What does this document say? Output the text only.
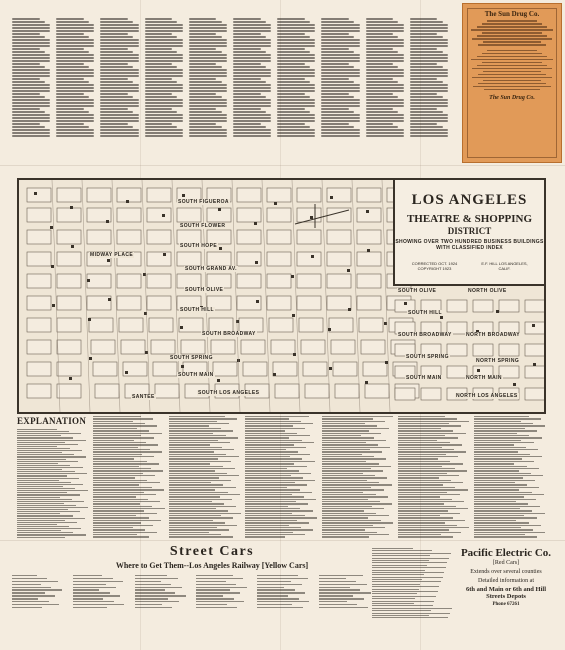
The Sun Drug Co.
The Sun Drug Co.
SOUTH FIGUEROA
SOUTH FLOWER
SOUTH HOPE
SOUTH GRAND AV.
SOUTH OLIVE
SOUTH HILL
SOUTH BROADWAY
SOUTH SPRING
SOUTH MAIN
SOUTH LOS ANGELES
SANTEE
MIDWAY PLACE
SOUTH OLIVE	NORTH OLIVE
SOUTH HILL
SOUTH BROADWAY	NORTH BROADWAY
SOUTH SPRING
NORTH SPRING
SOUTH MAIN	NORTH MAIN
NORTH LOS ANGELES
LOS ANGELES
THEATRE & SHOPPING
DISTRICT
SHOWING OVER TWO HUNDRED BUSINESS BUILDINGS WITH CLASSIFIED INDEX
CORRECTED OCT. 1924 COPYRIGHT 1923
E.F. HILL LOS ANGELES, CALIF.
EXPLANATION
Street Cars
Where to Get Them--Los Angeles Railway [Yellow Cars]
Pacific Electric Co.
[Red Cars]
Extends over several counties
Detailed information at
6th and Main or 6th and Hill
Streets Depots
Phone 67261
